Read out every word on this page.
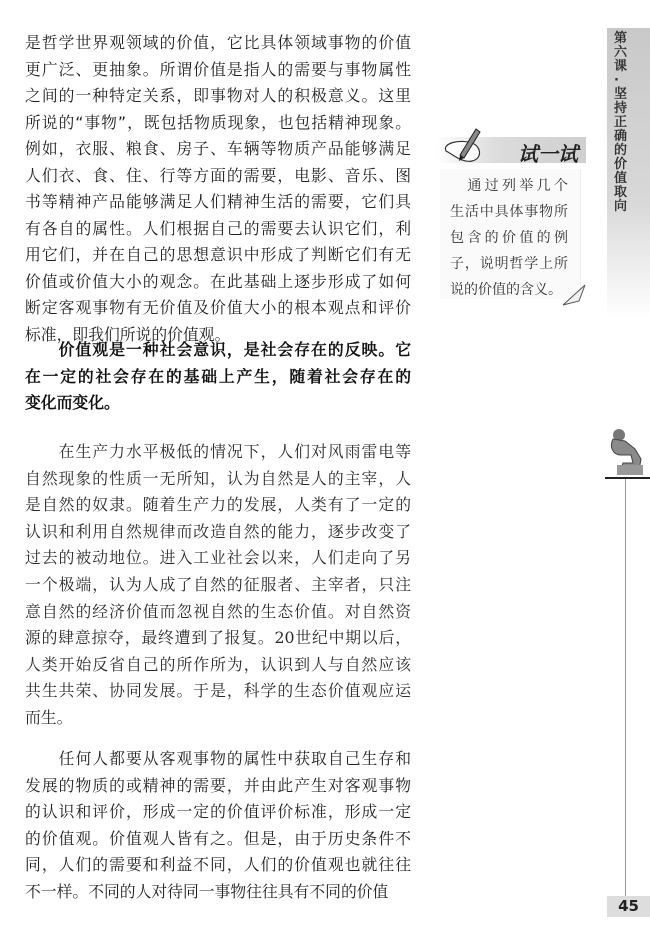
是哲学世界观领域的价值，它比具体领域事物的价值
更广泛、更抽象。所谓价值是指人的需要与事物属性
之间的一种特定关系，即事物对人的积极意义。这里
所说的“事物”，既包括物质现象，也包括精神现象。
例如，衣服、粮食、房子、车辆等物质产品能够满足
人们衣、食、住、行等方面的需要，电影、音乐、图
书等精神产品能够满足人们精神生活的需要，它们具
有各自的属性。人们根据自己的需要去认识它们，利
用它们，并在自己的思想意识中形成了判断它们有无
价值或价值大小的观念。在此基础上逐步形成了如何
断定客观事物有无价值及价值大小的根本观点和评价
标准，即我们所说的价值观。
　　价值观是一种社会意识，是社会存在的反映。它
在一定的社会存在的基础上产生，随着社会存在的
变化而变化。
　　在生产力水平极低的情况下，人们对风雨雷电等
自然现象的性质一无所知，认为自然是人的主宰，人
是自然的奴隶。随着生产力的发展，人类有了一定的
认识和利用自然规律而改造自然的能力，逐步改变了
过去的被动地位。进入工业社会以来，人们走向了另
一个极端，认为人成了自然的征服者、主宰者，只注
意自然的经济价值而忽视自然的生态价值。对自然资
源的肆意掠夺，最终遭到了报复。20世纪中期以后，
人类开始反省自己的所作所为，认识到人与自然应该
共生共荣、协同发展。于是，科学的生态价值观应运
而生。
　　任何人都要从客观事物的属性中获取自己生存和
发展的物质的或精神的需要，并由此产生对客观事物
的认识和评价，形成一定的价值评价标准，形成一定
的价值观。价值观人皆有之。但是，由于历史条件不
同，人们的需要和利益不同，人们的价值观也就往往
不一样。不同的人对待同一事物往往具有不同的价值
第六课·坚持正确的价值取向
试一试
　通过列举几个
生活中具体事物所
包含的价值的例
子，说明哲学上所
说的价值的含义。
45
